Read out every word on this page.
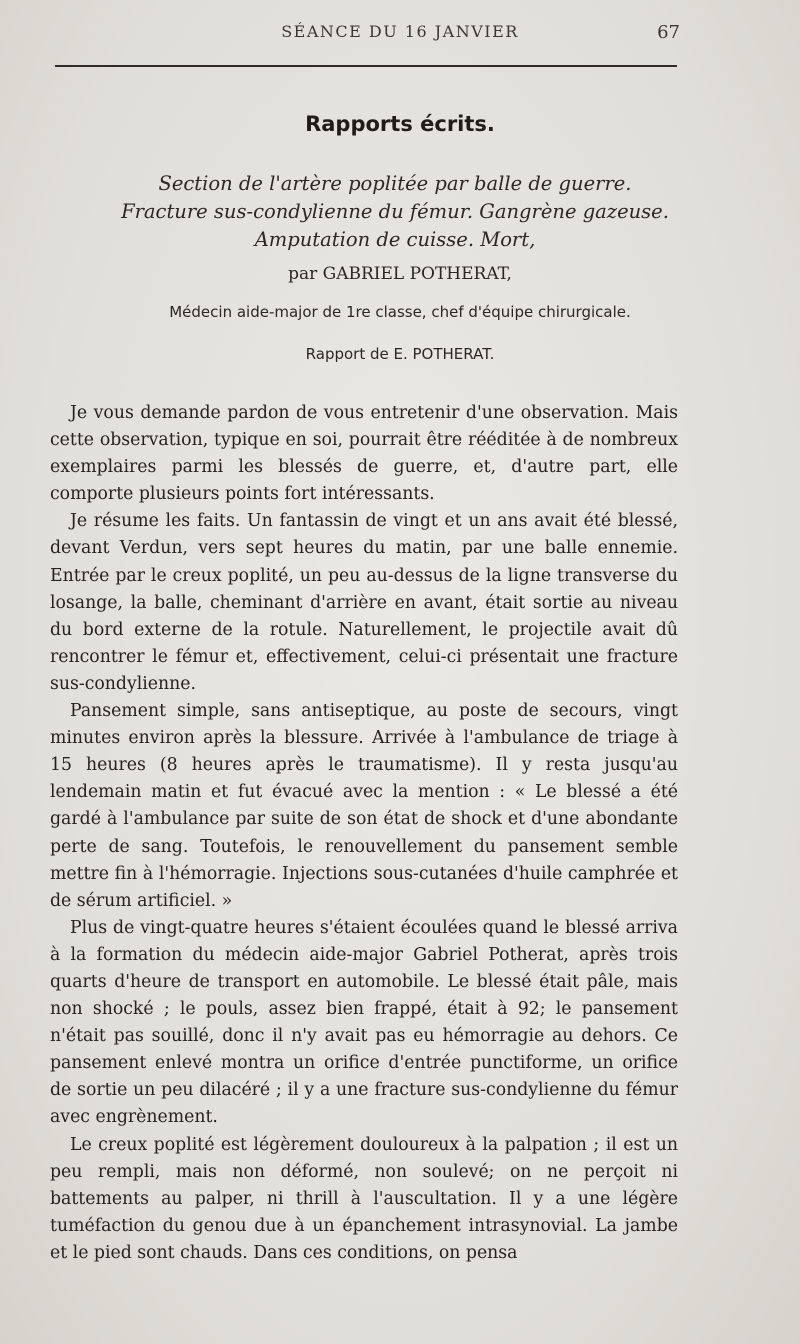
SÉANCE DU 16 JANVIER	67
Rapports écrits.
Section de l'artère poplitée par balle de guerre.
Fracture sus-condylienne du fémur. Gangrène gazeuse.
Amputation de cuisse. Mort,
par GABRIEL POTHERAT,
Médecin aide-major de 1re classe, chef d'équipe chirurgicale.
Rapport de E. POTHERAT.

Je vous demande pardon de vous entretenir d'une observation. Mais cette observation, typique en soi, pourrait être rééditée à de nombreux exemplaires parmi les blessés de guerre, et, d'autre part, elle comporte plusieurs points fort intéressants.

Je résume les faits. Un fantassin de vingt et un ans avait été blessé, devant Verdun, vers sept heures du matin, par une balle ennemie. Entrée par le creux poplité, un peu au-dessus de la ligne transverse du losange, la balle, cheminant d'arrière en avant, était sortie au niveau du bord externe de la rotule. Naturellement, le projectile avait dû rencontrer le fémur et, effectivement, celui-ci présentait une fracture sus-condylienne.

Pansement simple, sans antiseptique, au poste de secours, vingt minutes environ après la blessure. Arrivée à l'ambulance de triage à 15 heures (8 heures après le traumatisme). Il y resta jusqu'au lendemain matin et fut évacué avec la mention : « Le blessé a été gardé à l'ambulance par suite de son état de shock et d'une abondante perte de sang. Toutefois, le renouvellement du pansement semble mettre fin à l'hémorragie. Injections sous-cutanées d'huile camphrée et de sérum artificiel. »

Plus de vingt-quatre heures s'étaient écoulées quand le blessé arriva à la formation du médecin aide-major Gabriel Potherat, après trois quarts d'heure de transport en automobile. Le blessé était pâle, mais non shocké ; le pouls, assez bien frappé, était à 92; le pansement n'était pas souillé, donc il n'y avait pas eu hémorragie au dehors. Ce pansement enlevé montra un orifice d'entrée punctiforme, un orifice de sortie un peu dilacéré ; il y a une fracture sus-condylienne du fémur avec engrènement.

Le creux poplité est légèrement douloureux à la palpation ; il est un peu rempli, mais non déformé, non soulevé; on ne perçoit ni battements au palper, ni thrill à l'auscultation. Il y a une légère tuméfaction du genou due à un épanchement intrasynovial. La jambe et le pied sont chauds. Dans ces conditions, on pensa
